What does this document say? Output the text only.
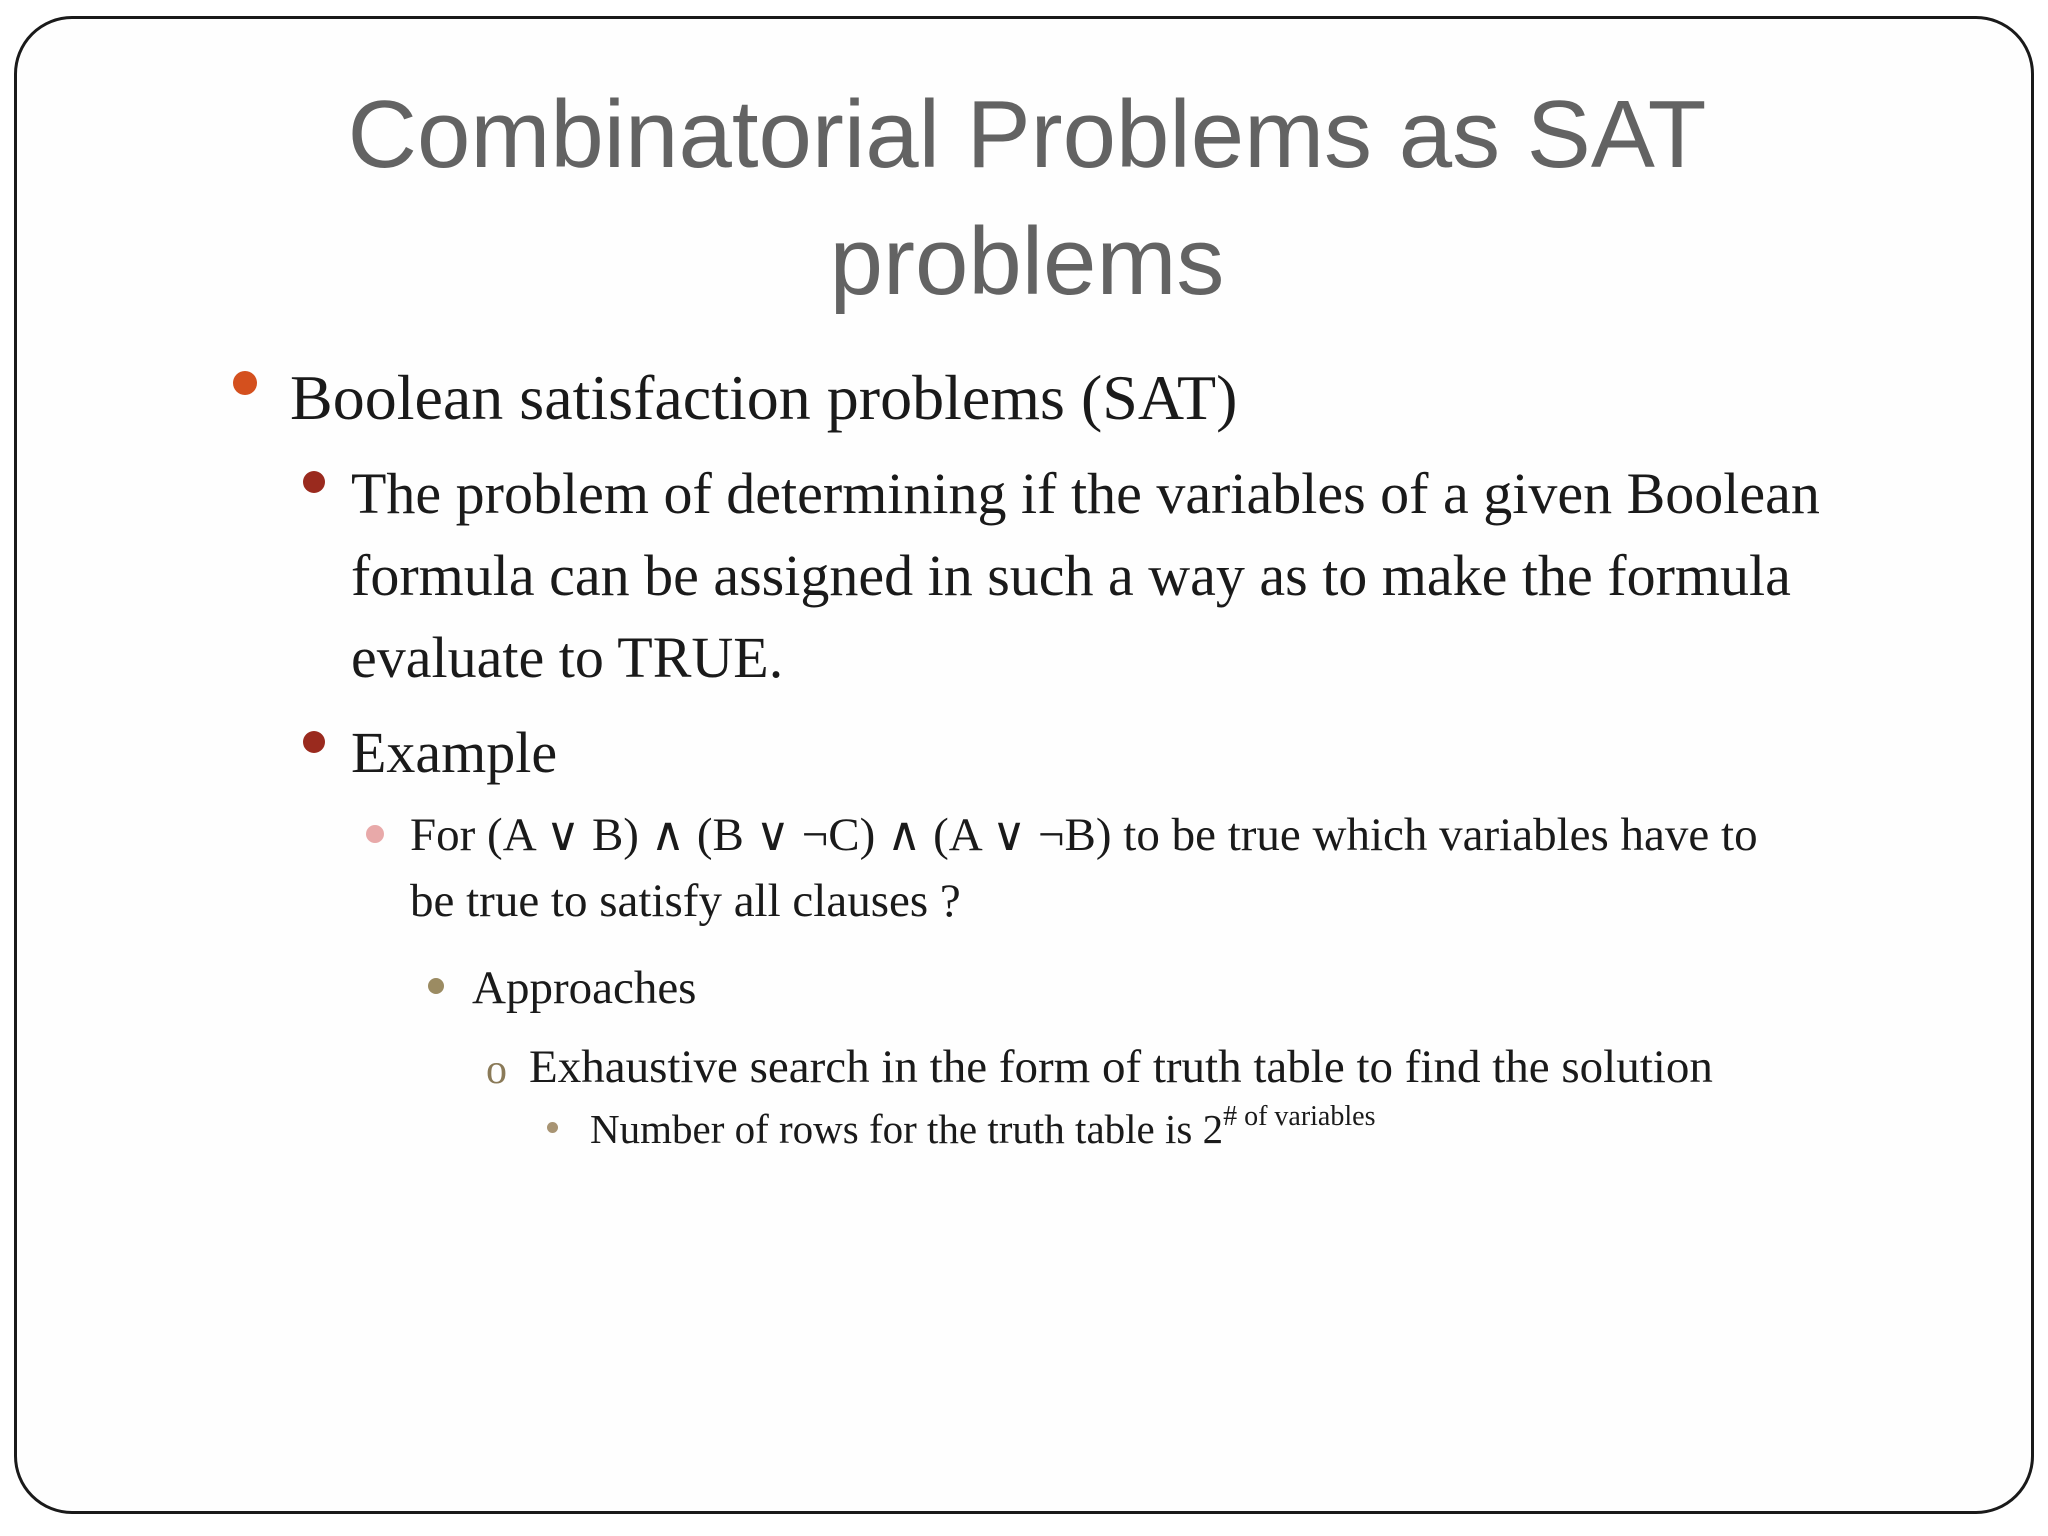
Combinatorial Problems as SAT
problems
Boolean satisfaction problems (SAT)
The problem of determining if the variables of a given Boolean
formula can be assigned in such a way as to make the formula
evaluate to TRUE.
Example
For (A ∨ B) ∧ (B ∨ ¬C) ∧ (A ∨ ¬B) to be true which variables have to
be true to satisfy all clauses ?
Approaches
o Exhaustive search in the form of truth table to find the solution
Number of rows for the truth table is $2^{\# of variables}$
